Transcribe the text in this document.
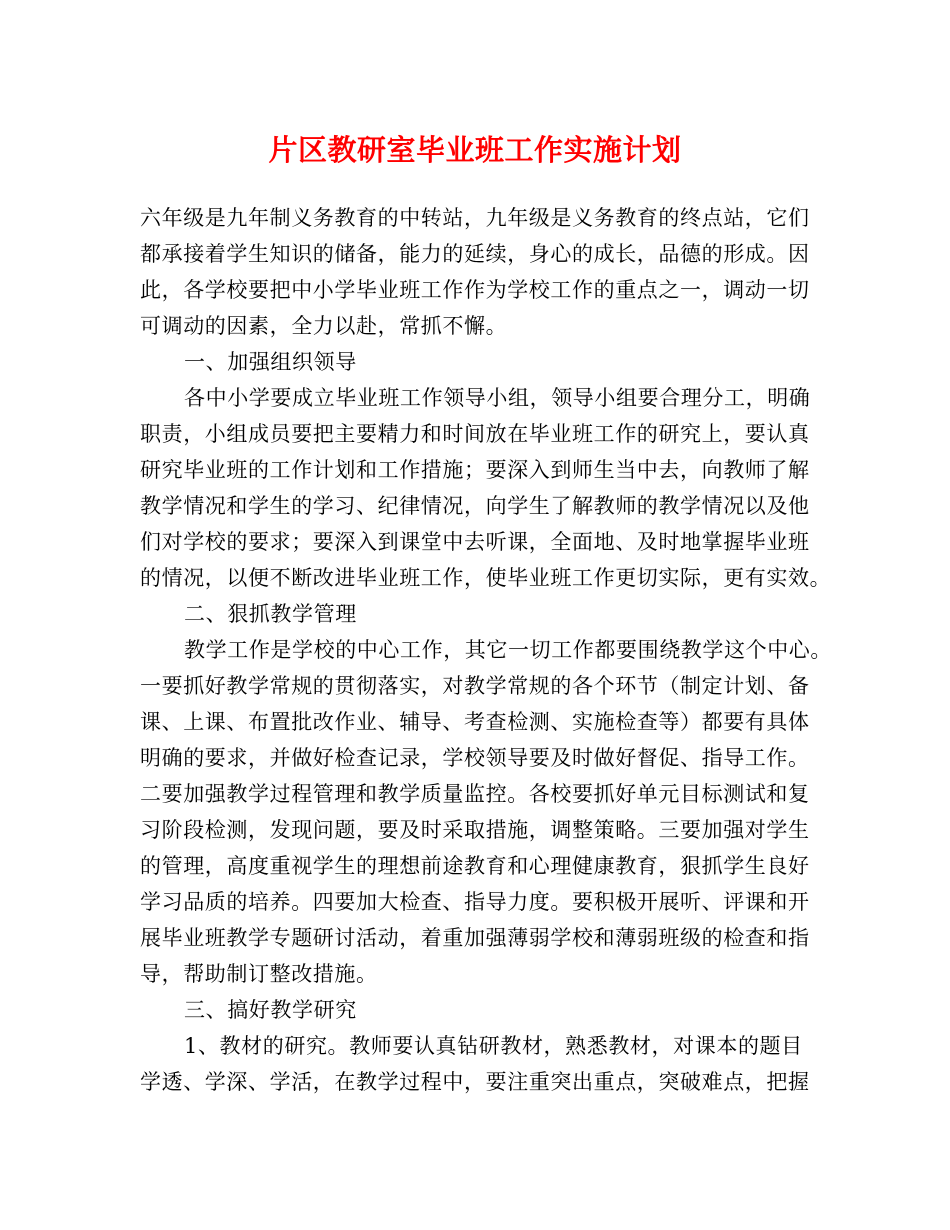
片区教研室毕业班工作实施计划
六年级是九年制义务教育的中转站，九年级是义务教育的终点站，它们
都承接着学生知识的储备，能力的延续，身心的成长，品德的形成。因
此，各学校要把中小学毕业班工作作为学校工作的重点之一，调动一切
可调动的因素，全力以赴，常抓不懈。
一、加强组织领导
各中小学要成立毕业班工作领导小组，领导小组要合理分工，明确
职责，小组成员要把主要精力和时间放在毕业班工作的研究上，要认真
研究毕业班的工作计划和工作措施；要深入到师生当中去，向教师了解
教学情况和学生的学习、纪律情况，向学生了解教师的教学情况以及他
们对学校的要求；要深入到课堂中去听课，全面地、及时地掌握毕业班
的情况，以便不断改进毕业班工作，使毕业班工作更切实际，更有实效。
二、狠抓教学管理
教学工作是学校的中心工作，其它一切工作都要围绕教学这个中心。
一要抓好教学常规的贯彻落实，对教学常规的各个环节（制定计划、备
课、上课、布置批改作业、辅导、考查检测、实施检查等）都要有具体
明确的要求，并做好检查记录，学校领导要及时做好督促、指导工作。
二要加强教学过程管理和教学质量监控。各校要抓好单元目标测试和复
习阶段检测，发现问题，要及时采取措施，调整策略。三要加强对学生
的管理，高度重视学生的理想前途教育和心理健康教育，狠抓学生良好
学习品质的培养。四要加大检查、指导力度。要积极开展听、评课和开
展毕业班教学专题研讨活动，着重加强薄弱学校和薄弱班级的检查和指
导，帮助制订整改措施。
三、搞好教学研究
1、教材的研究。教师要认真钻研教材，熟悉教材，对课本的题目
学透、学深、学活，在教学过程中，要注重突出重点，突破难点，把握
